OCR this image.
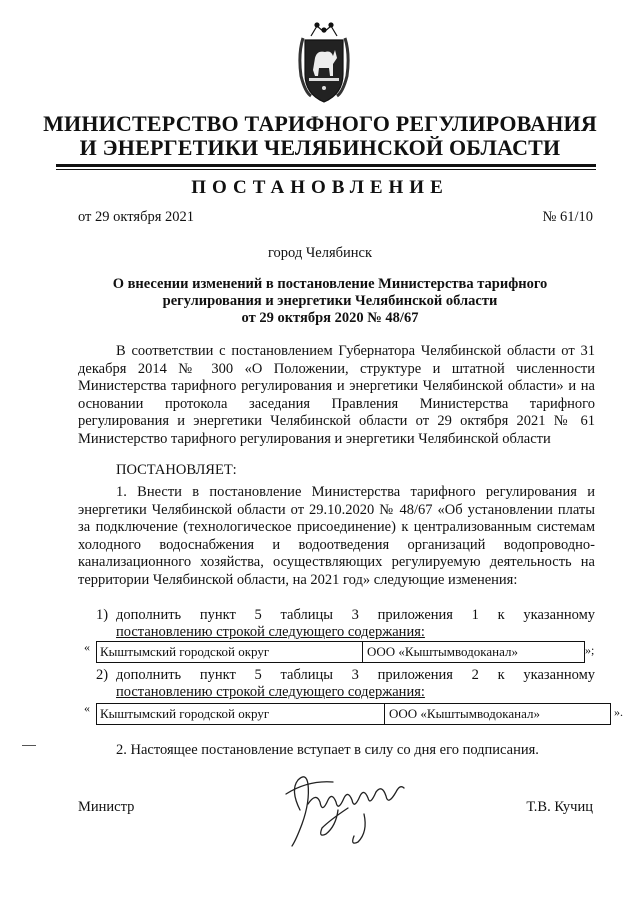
МИНИСТЕРСТВО ТАРИФНОГО РЕГУЛИРОВАНИЯ
И ЭНЕРГЕТИКИ ЧЕЛЯБИНСКОЙ ОБЛАСТИ
ПОСТАНОВЛЕНИЕ
от 29 октября 2021	№ 61/10
город Челябинск
О внесении изменений в постановление Министерства тарифного
регулирования и энергетики Челябинской области
от 29 октября 2020 № 48/67

В соответствии с постановлением Губернатора Челябинской области от 31 декабря 2014 № 300 «О Положении, структуре и штатной численности Министерства тарифного регулирования и энергетики Челябинской области» и на основании протокола заседания Правления Министерства тарифного регулирования и энергетики Челябинской области от 29 октября 2021 № 61 Министерство тарифного регулирования и энергетики Челябинской области

ПОСТАНОВЛЯЕТ:

1. Внести в постановление Министерства тарифного регулирования и энергетики Челябинской области от 29.10.2020 № 48/67 «Об установлении платы за подключение (технологическое присоединение) к централизованным системам холодного водоснабжения и водоотведения организаций водопроводно-канализационного хозяйства, осуществляющих регулируемую деятельность на территории Челябинской области, на 2021 год» следующие изменения:

1) дополнить пункт 5 таблицы 3 приложения 1 к указанному
постановлению строкой следующего содержания:
« Кыштымский городской округ	ООО «Кыштымводоканал»	»;
2) дополнить пункт 5 таблицы 3 приложения 2 к указанному
постановлению строкой следующего содержания:
« Кыштымский городской округ	ООО «Кыштымводоканал»	».
2. Настоящее постановление вступает в силу со дня его подписания.
Министр	Т.В. Кучиц
